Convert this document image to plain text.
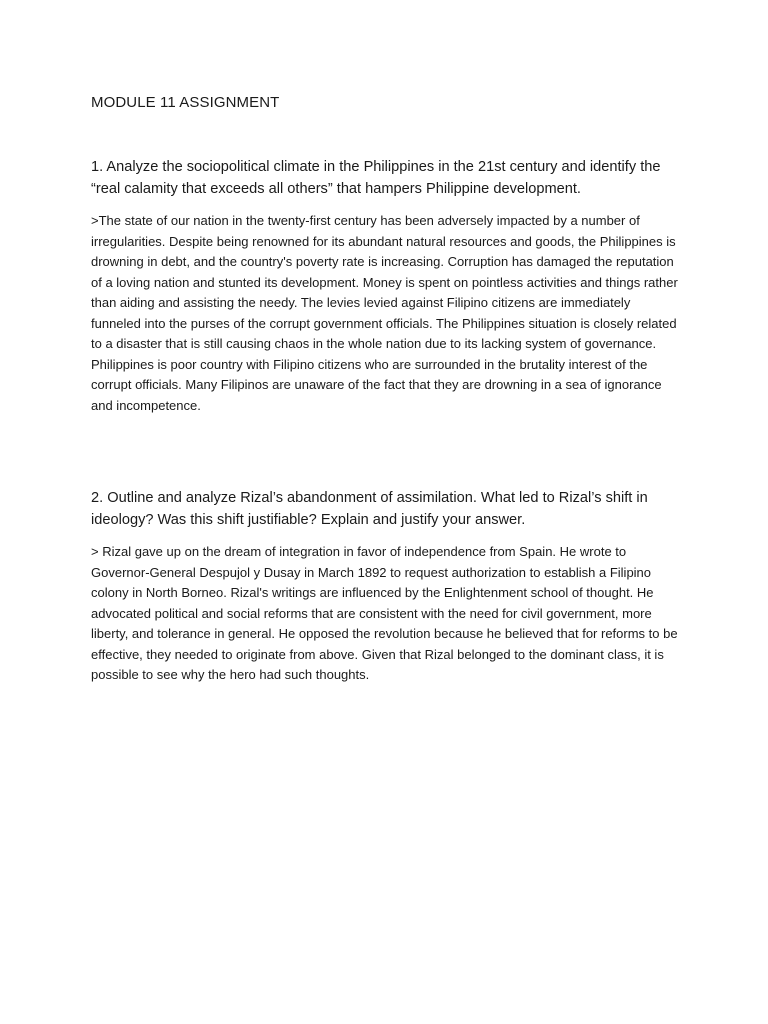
MODULE 11 ASSIGNMENT

1. Analyze the sociopolitical climate in the Philippines in the 21st century and identify the “real calamity that exceeds all others” that hampers Philippine development.

>The state of our nation in the twenty-first century has been adversely impacted by a number of irregularities. Despite being renowned for its abundant natural resources and goods, the Philippines is drowning in debt, and the country's poverty rate is increasing. Corruption has damaged the reputation of a loving nation and stunted its development. Money is spent on pointless activities and things rather than aiding and assisting the needy. The levies levied against Filipino citizens are immediately funneled into the purses of the corrupt government officials. The Philippines situation is closely related to a disaster that is still causing chaos in the whole nation due to its lacking system of governance. Philippines is poor country with Filipino citizens who are surrounded in the brutality interest of the corrupt officials. Many Filipinos are unaware of the fact that they are drowning in a sea of ignorance and incompetence.

2. Outline and analyze Rizal’s abandonment of assimilation. What led to Rizal’s shift in ideology? Was this shift justifiable? Explain and justify your answer.

> Rizal gave up on the dream of integration in favor of independence from Spain. He wrote to Governor-General Despujol y Dusay in March 1892 to request authorization to establish a Filipino colony in North Borneo. Rizal's writings are influenced by the Enlightenment school of thought. He advocated political and social reforms that are consistent with the need for civil government, more liberty, and tolerance in general. He opposed the revolution because he believed that for reforms to be effective, they needed to originate from above. Given that Rizal belonged to the dominant class, it is possible to see why the hero had such thoughts.
